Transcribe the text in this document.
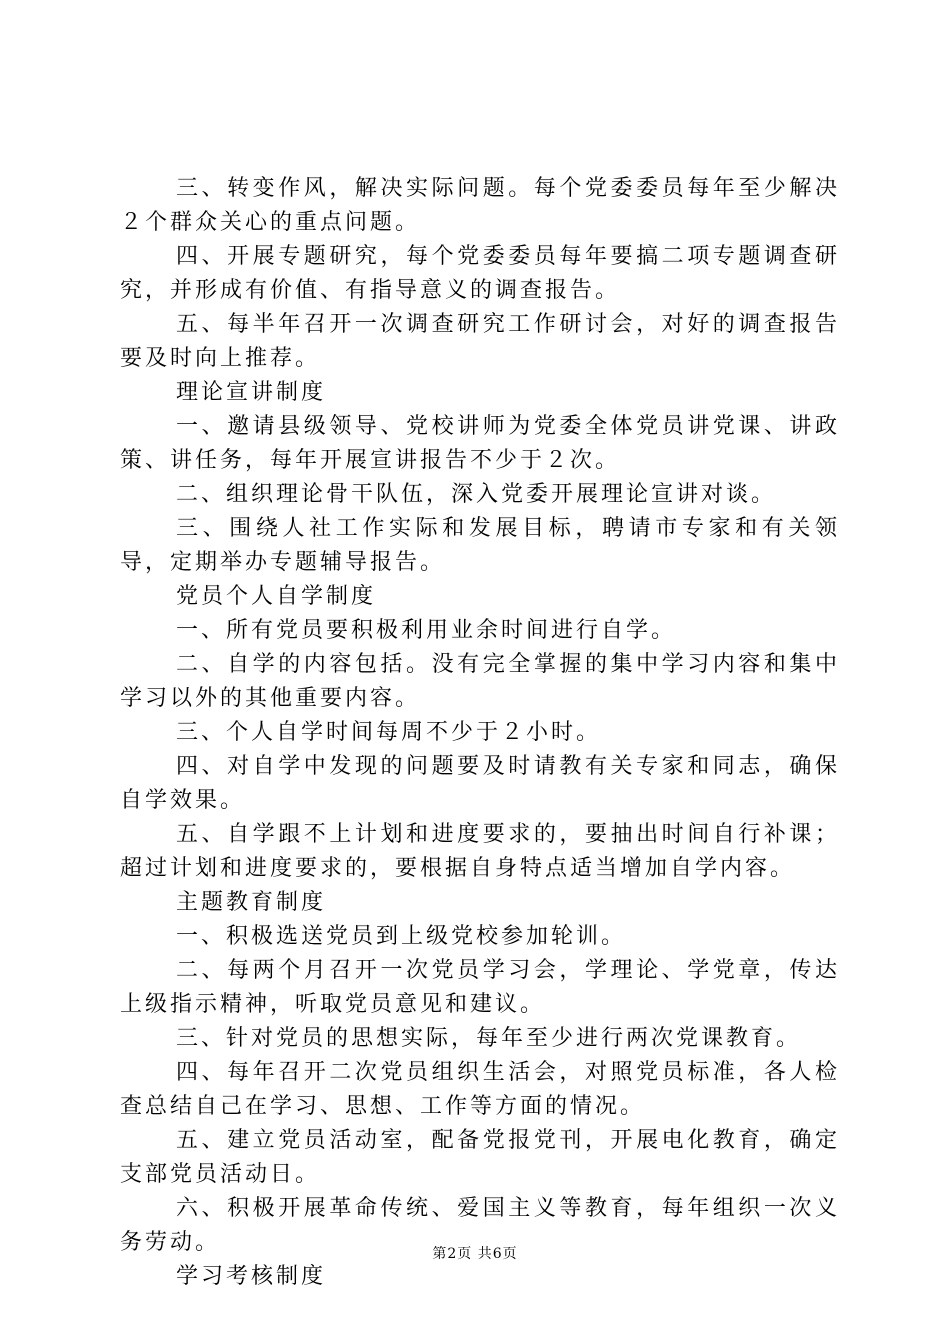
三、转变作风，解决实际问题。每个党委委员每年至少解决２个群众关心的重点问题。

四、开展专题研究，每个党委委员每年要搞二项专题调查研究，并形成有价值、有指导意义的调查报告。

五、每半年召开一次调查研究工作研讨会，对好的调查报告要及时向上推荐。

理论宣讲制度

一、邀请县级领导、党校讲师为党委全体党员讲党课、讲政策、讲任务，每年开展宣讲报告不少于２次。

二、组织理论骨干队伍，深入党委开展理论宣讲对谈。

三、围绕人社工作实际和发展目标，聘请市专家和有关领导，定期举办专题辅导报告。

党员个人自学制度

一、所有党员要积极利用业余时间进行自学。

二、自学的内容包括。没有完全掌握的集中学习内容和集中学习以外的其他重要内容。

三、个人自学时间每周不少于２小时。

四、对自学中发现的问题要及时请教有关专家和同志，确保自学效果。

五、自学跟不上计划和进度要求的，要抽出时间自行补课；超过计划和进度要求的，要根据自身特点适当增加自学内容。

主题教育制度

一、积极选送党员到上级党校参加轮训。

二、每两个月召开一次党员学习会，学理论、学党章，传达上级指示精神，听取党员意见和建议。

三、针对党员的思想实际，每年至少进行两次党课教育。

四、每年召开二次党员组织生活会，对照党员标准，各人检查总结自己在学习、思想、工作等方面的情况。

五、建立党员活动室，配备党报党刊，开展电化教育，确定支部党员活动日。

六、积极开展革命传统、爱国主义等教育，每年组织一次义务劳动。

学习考核制度

第2页 共6页
